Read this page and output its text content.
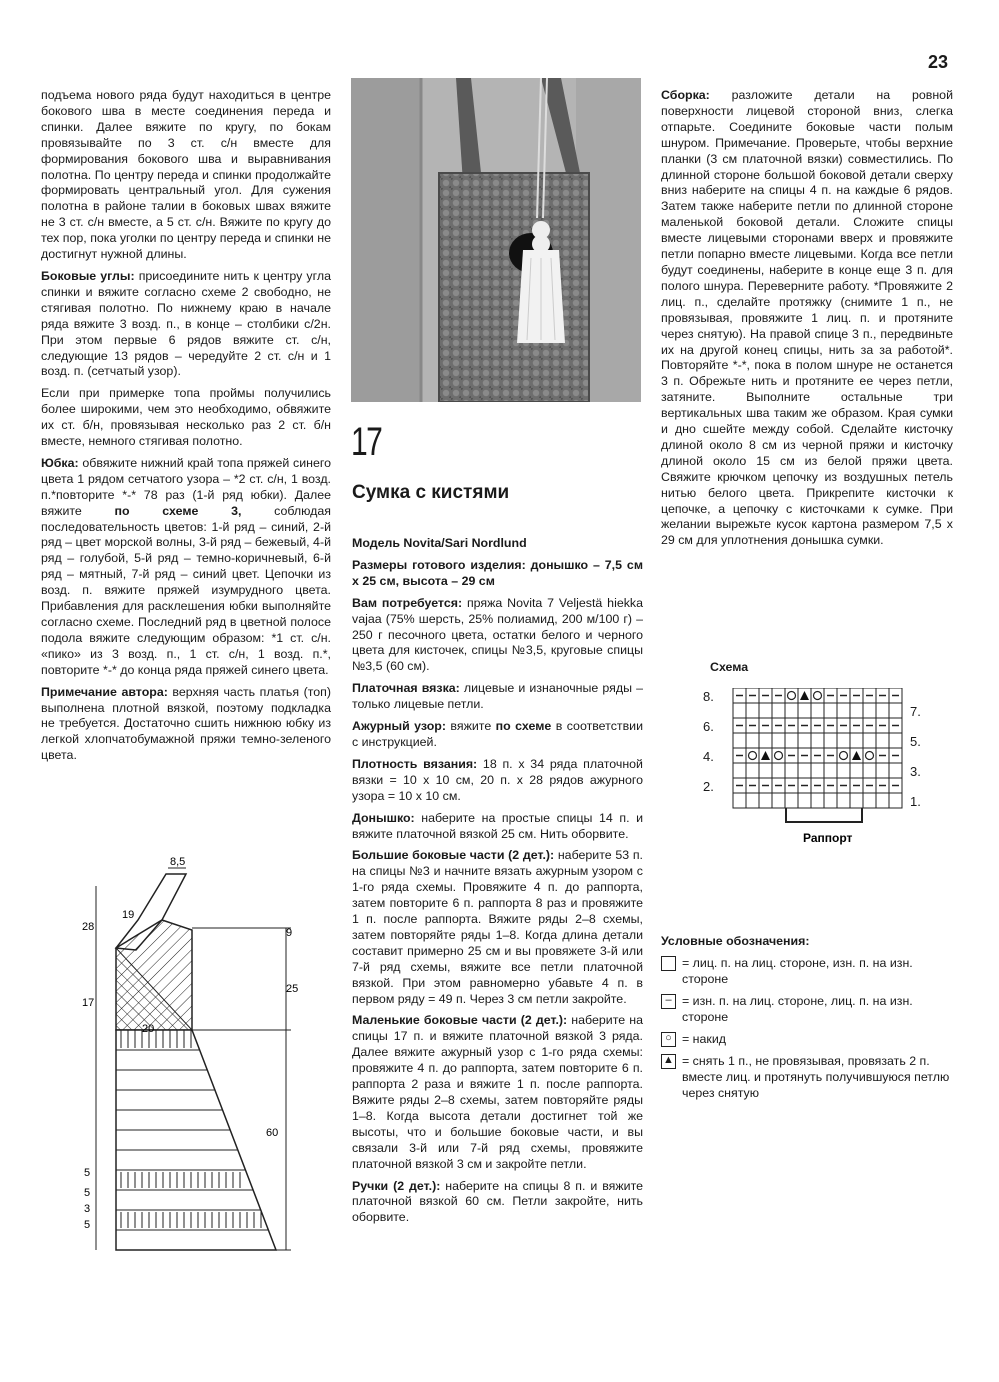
23

подъема нового ряда будут находиться в центре бокового шва в месте соединения переда и спинки. Далее вяжите по кругу, по бокам провязывайте по 3 ст. с/н вместе для формирования бокового шва и выравнивания полотна. По центру переда и спинки продолжайте формировать центральный угол. Для сужения полотна в районе талии в боковых швах вяжите не 3 ст. с/н вместе, а 5 ст. с/н. Вяжите по кругу до тех пор, пока уголки по центру переда и спинки не достигнут нужной длины.

Боковые углы: присоедините нить к центру угла спинки и вяжите согласно схеме 2 свободно, не стягивая полотно. По нижнему краю в начале ряда вяжите 3 возд. п., в конце – столбики с/2н. При этом первые 6 рядов вяжите ст. с/н, следующие 13 рядов – чередуйте 2 ст. с/н и 1 возд. п. (сетчатый узор).

Если при примерке топа проймы получились более широкими, чем это необходимо, обвяжите их ст. б/н, провязывая несколько раз 2 ст. б/н вместе, немного стягивая полотно.

Юбка: обвяжите нижний край топа пряжей синего цвета 1 рядом сетчатого узора – *2 ст. с/н, 1 возд. п.*повторите *-* 78 раз (1-й ряд юбки). Далее вяжите по схеме 3, соблюдая последовательность цветов: 1-й ряд – синий, 2-й ряд – цвет морской волны, 3-й ряд – бежевый, 4-й ряд – голубой, 5-й ряд – темно-коричневый, 6-й ряд – мятный, 7-й ряд – синий цвет. Цепочки из возд. п. вяжите пряжей изумрудного цвета. Прибавления для расклешения юбки выполняйте согласно схеме. Последний ряд в цветной полосе подола вяжите следующим образом: *1 ст. с/н. «пико» из 3 возд. п., 1 ст. с/н, 1 возд. п.*, повторите *-* до конца ряда пряжей синего цвета.

Примечание автора: верхняя часть платья (топ) выполнена плотной вязкой, поэтому подкладка не требуется. Достаточно сшить нижнюю юбку из легкой хлопчатобумажной пряжи темно-зеленого цвета.

17
Сумка с кистями

Модель Novita/Sari Nordlund

Размеры готового изделия: донышко – 7,5 см х 25 см, высота – 29 см

Вам потребуется: пряжа Novita 7 Veljestä hiekka vajaa (75% шерсть, 25% полиамид, 200 м/100 г) – 250 г песочного цвета, остатки белого и черного цвета для кисточек, спицы №3,5, круговые спицы №3,5 (60 см).

Платочная вязка: лицевые и изнаночные ряды – только лицевые петли.

Ажурный узор: вяжите по схеме в соответствии с инструкцией.

Плотность вязания: 18 п. х 34 ряда платочной вязки = 10 х 10 см, 20 п. х 28 рядов ажурного узора = 10 х 10 см.

Донышко: наберите на простые спицы 14 п. и вяжите платочной вязкой 25 см. Нить оборвите.

Большие боковые части (2 дет.): наберите 53 п. на спицы №3 и начните вязать ажурным узором с 1-го ряда схемы. Провяжите 4 п. до раппорта, затем повторите 6 п. раппорта 8 раз и провяжите 1 п. после раппорта. Вяжите ряды 2–8 схемы, затем повторяйте ряды 1–8. Когда длина детали составит примерно 25 см и вы провяжете 3-й или 7-й ряд схемы, вяжите все петли платочной вязкой. При этом равномерно убавьте 4 п. в первом ряду = 49 п. Через 3 см петли закройте.

Маленькие боковые части (2 дет.): наберите на спицы 17 п. и вяжите платочной вязкой 3 ряда. Далее вяжите ажурный узор с 1-го ряда схемы: провяжите 4 п. до раппорта, затем повторите 6 п. раппорта 2 раза и вяжите 1 п. после раппорта. Вяжите ряды 2–8 схемы, затем повторяйте ряды 1–8. Когда высота детали достигнет той же высоты, что и большие боковые части, и вы связали 3-й или 7-й ряд схемы, провяжите платочной вязкой 3 см и закройте петли.

Ручки (2 дет.): наберите на спицы 8 п. и вяжите платочной вязкой 60 см. Петли закройте, нить оборвите.

Сборка: разложите детали на ровной поверхности лицевой стороной вниз, слегка отпарьте. Соедините боковые части полым шнуром. Примечание. Проверьте, чтобы верхние планки (3 см платочной вязки) совместились. По длинной стороне большой боковой детали сверху вниз наберите на спицы 4 п. на каждые 6 рядов. Затем также наберите петли по длинной стороне маленькой боковой детали. Сложите спицы вместе лицевыми сторонами вверх и провяжите петли попарно вместе лицевыми. Когда все петли будут соединены, наберите в конце еще 3 п. для полого шнура. Переверните работу. *Провяжите 2 лиц. п., сделайте протяжку (снимите 1 п., не провязывая, провяжите 1 лиц. п. и протяните через снятую). На правой спице 3 п., передвиньте их на другой конец спицы, нить за за работой*. Повторяйте *-*, пока в полом шнуре не останется 3 п. Обрежьте нить и протяните ее через петли, затяните. Выполните остальные три вертикальных шва таким же образом. Края сумки и дно сшейте между собой. Сделайте кисточку длиной около 8 см из черной пряжи и кисточку длиной около 15 см из белой пряжи цвета. Свяжите крючком цепочку из воздушных петель нитью белого цвета. Прикрепите кисточки к цепочке, а цепочку с кисточками к сумке. При желании вырежьте кусок картона размером 7,5 х 29 см для уплотнения донышка сумки.

Схема
Раппорт
8.
6.
4.
2.
7.
5.
3.
1.
Условные обозначения:
= лиц. п. на лиц. стороне, изн. п. на изн. стороне
– = изн. п. на лиц. стороне, лиц. п. на изн. стороне
○ = накид
▲ = снять 1 п., не провязывая, провязать 2 п. вместе лиц. и протянуть получившуюся петлю через снятую
8,5
19
28	9
17
25
20
60
5
5
3
5
